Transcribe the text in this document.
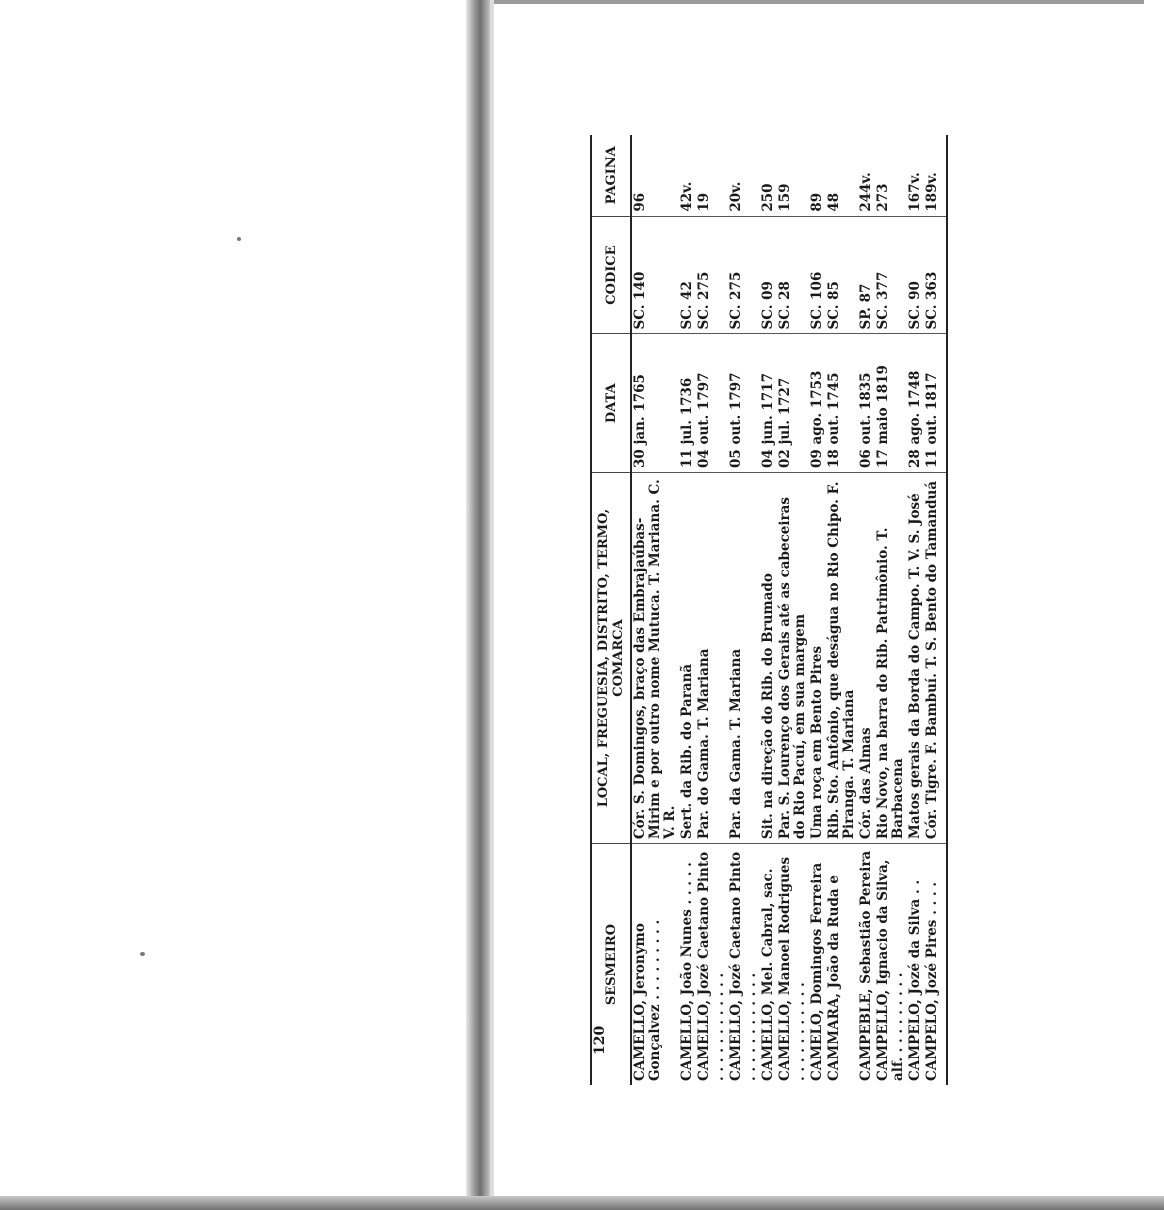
120
SESMEIRO	LOCAL, FREGUESIA, DISTRITO, TERMO, COMARCA	DATA	CODICE	PAGINA
CAMELLO, Jeronymo Gonçalvez . . . . . . . . .	Cór. S. Domingos, braço das Embrajaúbas-Mirim e por outro nome Mutuca. T. Mariana. C. V. R.	30 jan. 1765	SC. 140	96
CAMELLO, João Nunes . . . . .	Sert. da Rib. do Paranã	11 jul. 1736	SC. 42	42v.
CAMELLO, Jozé Caetano Pinto . . . . . . . . . . . .	Par. do Gama. T. Mariana	04 out. 1797	SC. 275	19
CAMELLO, Jozé Caetano Pinto . . . . . . . . . . . .	Par. da Gama. T. Mariana	05 out. 1797	SC. 275	20v.
CAMELLO, Mel. Cabral, sac.	Sit. na direção do Rib. do Brumado	04 jun. 1717	SC. 09	250
CAMELLO, Manoel Rodrigues . . . . . . . . . . .	Par. S. Lourenço dos Gerais até as cabeceiras do Rio Pacuí, em sua margem	02 jul. 1727	SC. 28	159
CAMELO, Domingos Ferreira	Uma roça em Bento Pires	09 ago. 1753	SC. 106	89
CAMMARA, João da Ruda e	Rib. Sto. Antônio, que deságua no Rio Chipo. F. Piranga. T. Mariana	18 out. 1745	SC. 85	48
CAMPEBLE, Sebastião Pereira	Cór. das Almas	06 out. 1835	SP. 87	244v.
CAMPELLO, Ignacio da Silva, alf. . . . . . . . . .	Rio Novo, na barra do Rib. Patrimônio. T. Barbacena	17 maio 1819	SC. 377	273
CAMPELO, Jozé da Silva . .	Matos gerais da Borda do Campo. T. V. S. José	28 ago. 1748	SC. 90	167v.
CAMPELO, Jozé Pires . . . .	Cór. Tigre. F. Bambuí. T. S. Bento do Tamanduá	11 out. 1817	SC. 363	189v.
